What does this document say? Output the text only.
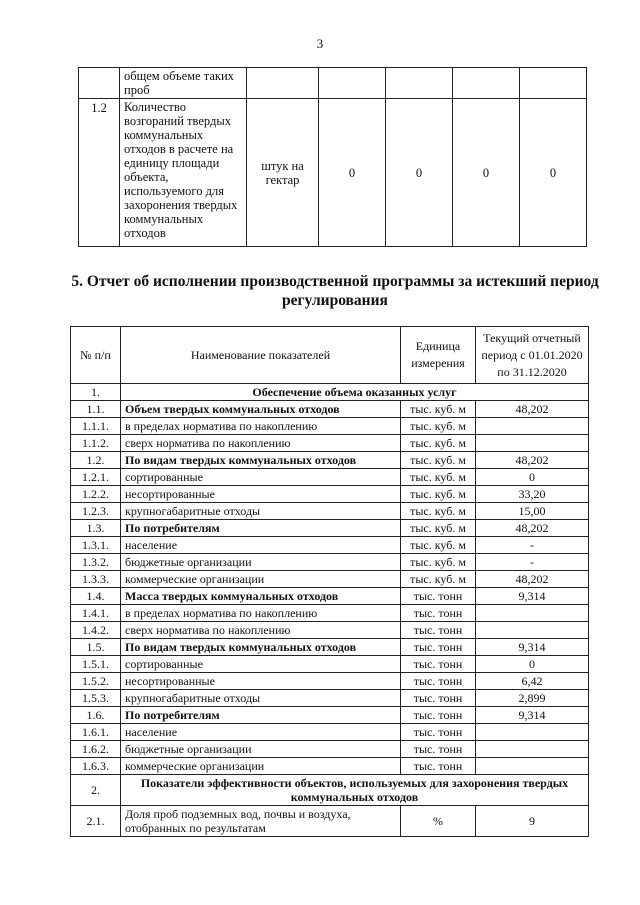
3
	общем объеме таких проб					
1.2	Количество возгораний твердых коммунальных отходов в расчете на единицу площади объекта, используемого для захоронения твердых коммунальных отходов	штук на гектар	0	0	0	0
5. Отчет об исполнении производственной программы за истекший период регулирования
№ п/п	Наименование показателей	Единица измерения	Текущий отчетный период с 01.01.2020 по 31.12.2020
1.	Обеспечение объема оказанных услуг		
1.1.	Объем твердых коммунальных отходов	тыс. куб. м	48,202
1.1.1.	в пределах норматива по накоплению	тыс. куб. м	
1.1.2.	сверх норматива по накоплению	тыс. куб. м	
1.2.	По видам твердых коммунальных отходов	тыс. куб. м	48,202
1.2.1.	сортированные	тыс. куб. м	0
1.2.2.	несортированные	тыс. куб. м	33,20
1.2.3.	крупногабаритные отходы	тыс. куб. м	15,00
1.3.	По потребителям	тыс. куб. м	48,202
1.3.1.	население	тыс. куб. м	-
1.3.2.	бюджетные организации	тыс. куб. м	-
1.3.3.	коммерческие организации	тыс. куб. м	48,202
1.4.	Масса твердых коммунальных отходов	тыс. тонн	9,314
1.4.1.	в пределах норматива по накоплению	тыс. тонн	
1.4.2.	сверх норматива по накоплению	тыс. тонн	
1.5.	По видам твердых коммунальных отходов	тыс. тонн	9,314
1.5.1.	сортированные	тыс. тонн	0
1.5.2.	несортированные	тыс. тонн	6,42
1.5.3.	крупногабаритные отходы	тыс. тонн	2,899
1.6.	По потребителям	тыс. тонн	9,314
1.6.1.	население	тыс. тонн	
1.6.2.	бюджетные организации	тыс. тонн	
1.6.3.	коммерческие организации	тыс. тонн	
2.	Показатели эффективности объектов, используемых для захоронения твердых коммунальных отходов		
2.1.	Доля проб подземных вод, почвы и воздуха, отобранных по результатам	%	9
